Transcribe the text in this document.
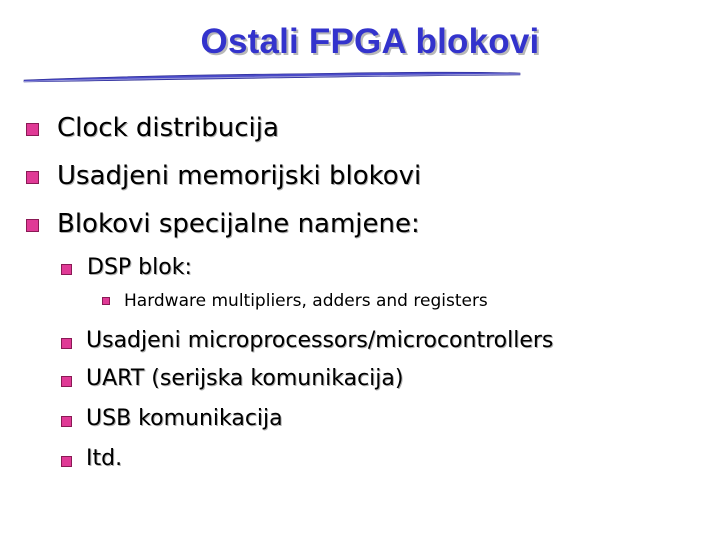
Ostali FPGA blokovi
Clock distribucija
Usadjeni memorijski blokovi
Blokovi specijalne namjene:
DSP blok:
Hardware multipliers, adders and registers
Usadjeni microprocessors/microcontrollers
UART (serijska komunikacija)
USB komunikacija
Itd.
